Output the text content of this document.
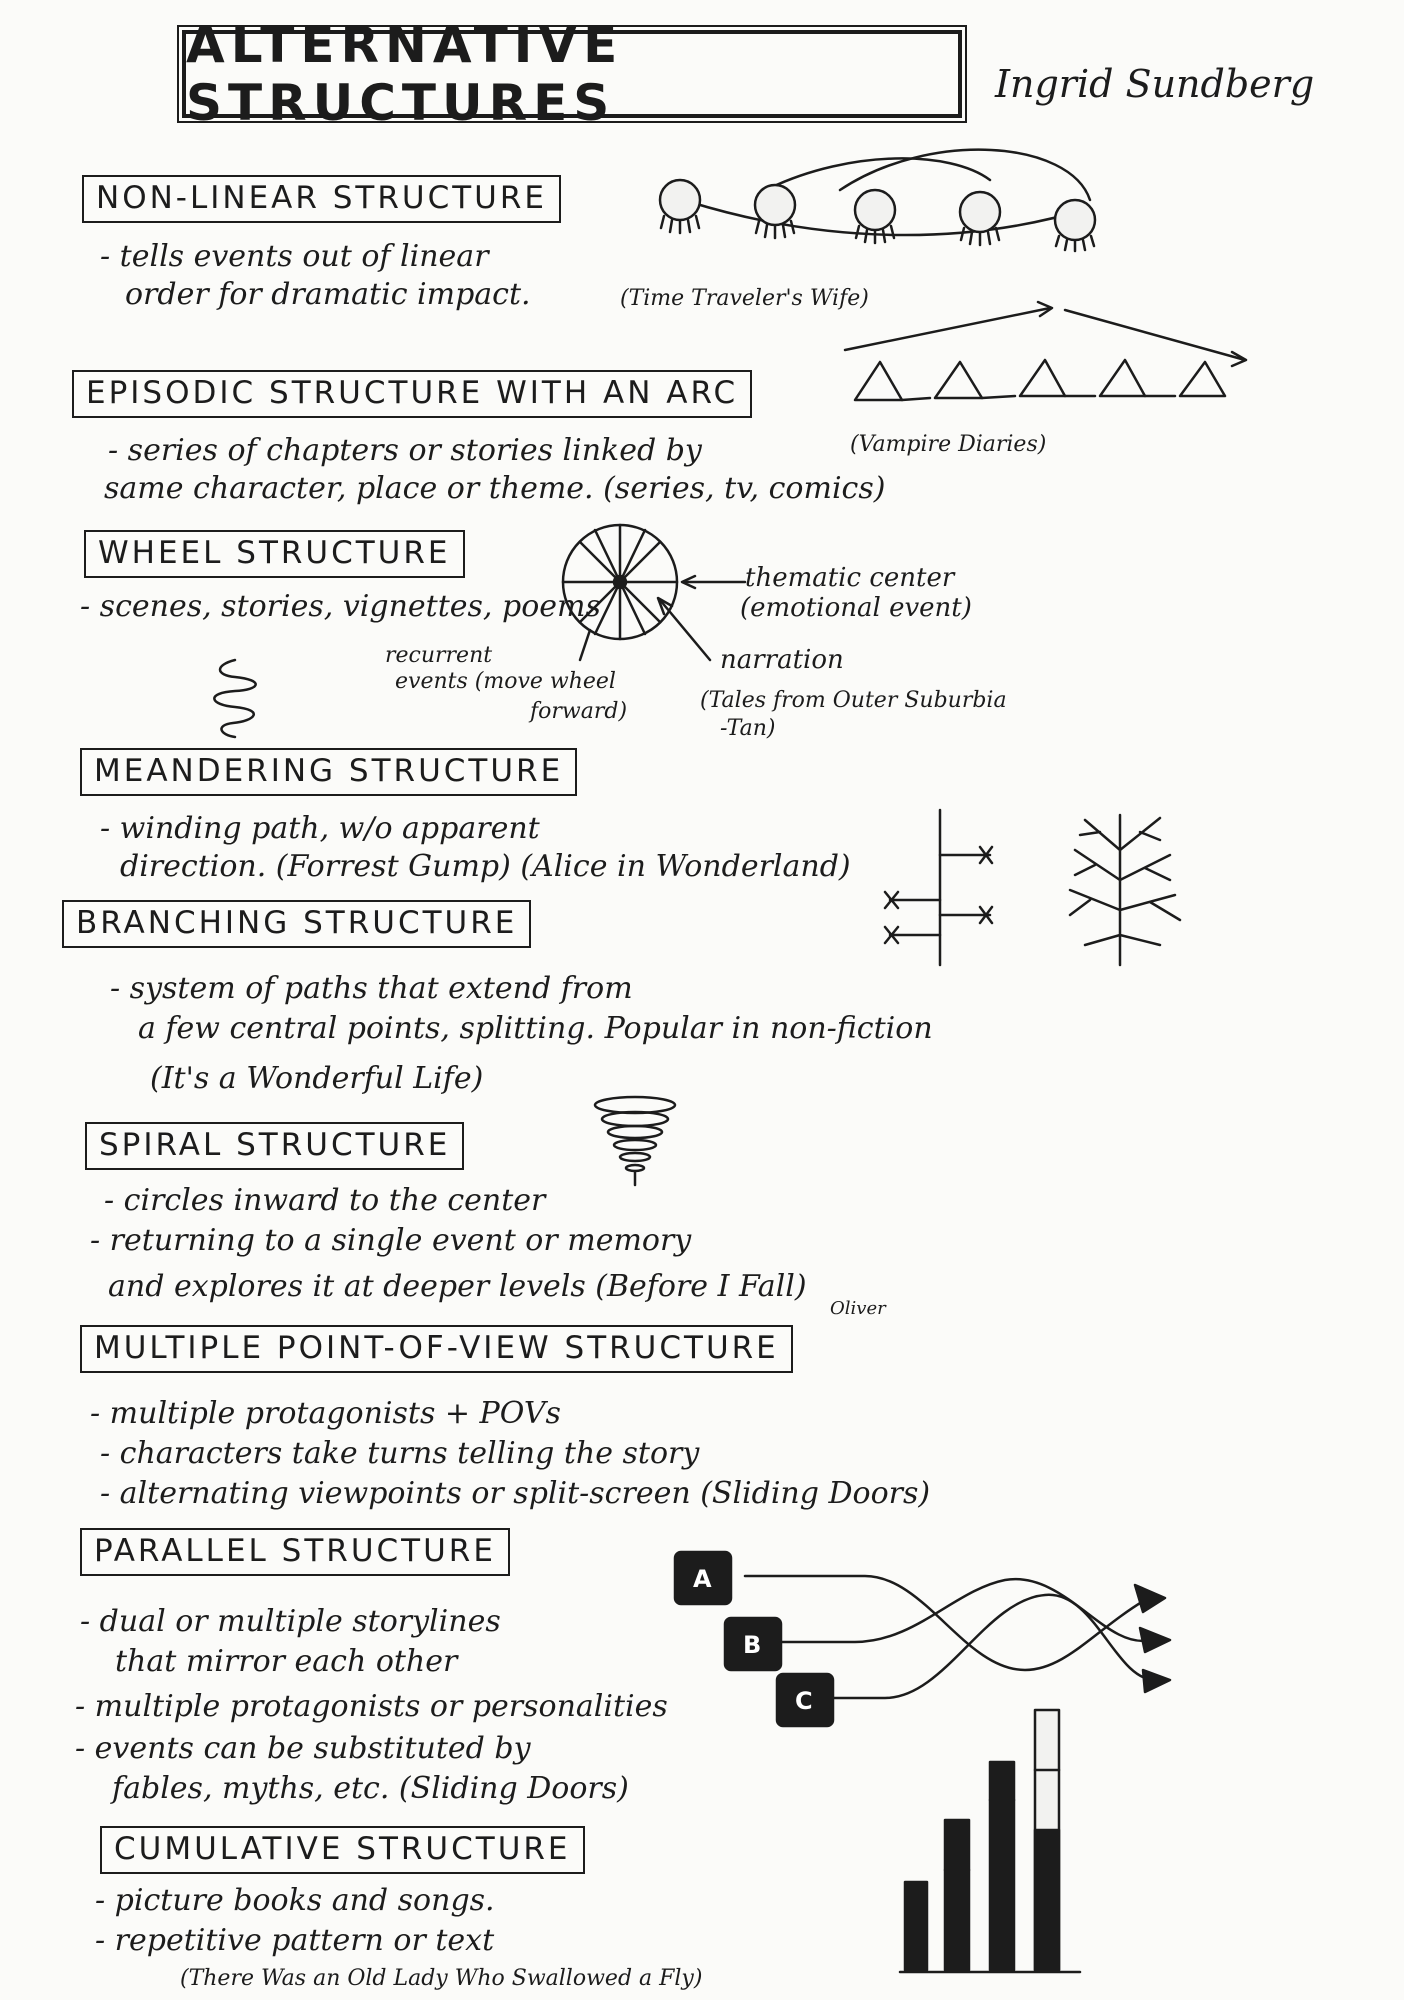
ALTERNATIVE STRUCTURES	Ingrid Sundberg
NON-LINEAR STRUCTURE
- tells events out of linear
order for dramatic impact.	(Time Traveler's Wife)
EPISODIC STRUCTURE WITH AN ARC
- series of chapters or stories linked by
same character, place or theme. (series, tv, comics)
(Vampire Diaries)
WHEEL STRUCTURE
- scenes, stories, vignettes, poems
thematic center
(emotional event)
narration
recurrent
events (move wheel
forward)	(Tales from Outer Suburbia
-Tan)
MEANDERING STRUCTURE
- winding path, w/o apparent
direction. (Forrest Gump) (Alice in Wonderland)
BRANCHING STRUCTURE
- system of paths that extend from
a few central points, splitting. Popular in non-fiction
(It's a Wonderful Life)
SPIRAL STRUCTURE
- circles inward to the center
- returning to a single event or memory
and explores it at deeper levels (Before I Fall)
Oliver
MULTIPLE POINT-OF-VIEW STRUCTURE
- multiple protagonists + POVs
- characters take turns telling the story
- alternating viewpoints or split-screen (Sliding Doors)
PARALLEL STRUCTURE
- dual or multiple storylines
that mirror each other
- multiple protagonists or personalities
- events can be substituted by
fables, myths, etc. (Sliding Doors)
A
B
C
CUMULATIVE STRUCTURE
- picture books and songs.
- repetitive pattern or text
(There Was an Old Lady Who Swallowed a Fly)
